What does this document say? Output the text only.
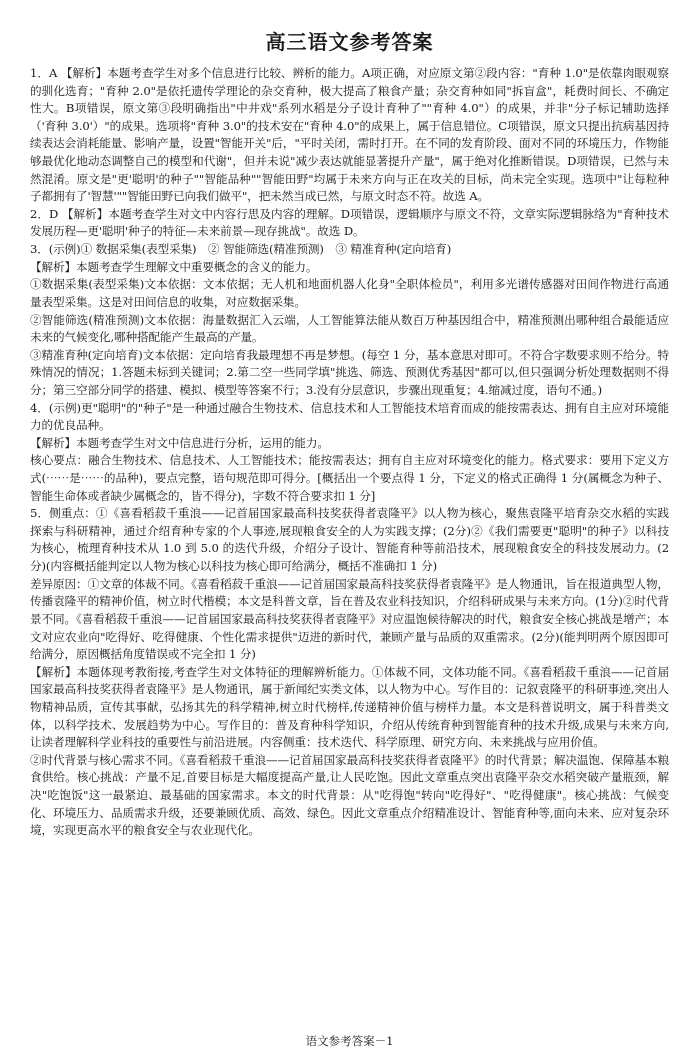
高三语文参考答案

1．A 【解析】本题考查学生对多个信息进行比较、辨析的能力。A项正确，对应原文第②段内容："育种 1.0"是依靠肉眼观察的驯化选育；"育种 2.0"是依托遗传学理论的杂交育种，极大提高了粮食产量；杂交育种如同"拆盲盒"，耗费时间长、不确定性大。B项错误，原文第③段明确指出"中井戏"系列水稻是分子设计育种了""育种 4.0"）的成果，并非"分子标记辅助选择（'育种 3.0'）"的成果。选项将"育种 3.0"的技术安在"育种 4.0"的成果上，属于信息错位。C项错误，原文只提出抗病基因持续表达会消耗能量、影响产量，设置"智能开关"后，"平时关闭，需时打开。在不同的发育阶段、面对不同的环境压力，作物能够最优化地动态调整自己的模型和代谢"，但并未说"减少表达就能显著提升产量"，属于绝对化推断错误。D项错误，已然与未然混淆。原文是"更'聪明'的种子""智能品种""智能田野"均属于未来方向与正在攻关的目标，尚未完全实现。选项中"让每粒种子都拥有了'智慧'""智能田野已向我们做平"，把未然当成已然，与原文时态不符。故选 A。

2．D 【解析】本题考查学生对文中内容行思及内容的理解。D项错误，逻辑顺序与原文不符，文章实际逻辑脉络为"育种技术发展历程—更'聪明'种子的特征—未来前景—现存挑战"。故选 D。

3．(示例)① 数据采集(表型采集)　② 智能筛选(精准预测)　③ 精准育种(定向培育)

【解析】本题考查学生理解文中重要概念的含义的能力。

①数据采集(表型采集)文本依据：文本依据；无人机和地面机器人化身"全职体检员"，利用多光谱传感器对田间作物进行高通量表型采集。这是对田间信息的收集，对应数据采集。

②智能筛选(精准预测)文本依据：海量数据汇入云端，人工智能算法能从数百万种基因组合中，精准预测出哪种组合最能适应未来的气候变化,哪种搭配能产生最高的产量。

③精准育种(定向培育)文本依据：定向培育我最理想不再是梦想。(每空 1 分，基本意思对即可。不符合字数要求则不给分。特殊情况的情况；1.答题未标到关键词；2.第二空一些同学填"挑选、筛选、预测优秀基因"都可以,但只强调分析处理数据则不得分；第三空部分同学的搭建、模拟、模型等答案不行；3.没有分层意识，步骤出现重复；4.缩减过度，语句不通。)

4．(示例)更"聪明"的"种子"是一种通过融合生物技术、信息技术和人工智能技术培育而成的能按需表达、拥有自主应对环境能力的优良品种。

【解析】本题考查学生对文中信息进行分析，运用的能力。

核心要点：融合生物技术、信息技术、人工智能技术；能按需表达；拥有自主应对环境变化的能力。格式要求：要用下定义方式(⋯⋯是⋯⋯的品种)，要点完整，语句规范即可得分。[概括出一个要点得 1 分，下定义的格式正确得 1 分(属概念为种子、智能生命体或者缺少属概念的，皆不得分)，字数不符合要求扣 1 分]

5．侧重点：①《喜看稻菽千重浪——记首届国家最高科技奖获得者袁隆平》以人物为核心，聚焦袁隆平培育杂交水稻的实践探索与科研精神，通过介绍育种专家的个人事迹,展现粮食安全的人为实践支撑；(2分)②《我们需要更"聪明"的种子》以科技为核心，梳理育种技术从 1.0 到 5.0 的迭代升级，介绍分子设计、智能育种等前沿技术，展现粮食安全的科技发展动力。(2分)(内容概括能判定以人物为核心以科技为核心即可给满分，概括不准确扣 1 分)

差异原因：①文章的体裁不同。《喜看稻菽千重浪——记首届国家最高科技奖获得者袁隆平》是人物通讯，旨在报道典型人物，传播袁隆平的精神价值，树立时代楷模；本文是科普文章，旨在普及农业科技知识，介绍科研成果与未来方向。(1分)②时代背景不同。《喜看稻菽千重浪——记首届国家最高科技奖获得者袁隆平》对应温饱候待解决的时代，粮食安全核心挑战是增产；本文对应农业向"吃得好、吃得健康、个性化需求提供"迈进的新时代，兼顾产量与品质的双重需求。(2分)(能判明两个原因即可给满分，原因概括角度错误或不完全扣 1 分)

【解析】本题体现考教衔接,考查学生对文体特征的理解辨析能力。①体裁不同，文体功能不同。《喜看稻菽千重浪——记首届国家最高科技奖获得者袁隆平》是人物通讯，属于新闻纪实类文体，以人物为中心。写作目的：记叙袁隆平的科研事迹,突出人物精神品质，宣传其事献，弘扬其先的科学精神,树立时代榜样,传递精神价值与榜样力量。本文是科普说明文，属于科普类文体，以科学技术、发展趋势为中心。写作目的：普及育种科学知识，介绍从传统育种到智能育种的技术升级,成果与未来方向,让读者理解科学业科技的重要性与前沿进展。内容侧重：技术迭代、科学原理、研究方向、未来挑战与应用价值。

②时代背景与核心需求不同。《喜看稻菽千重浪——记首届国家最高科技奖获得者袁隆平》的时代背景；解决温饱、保障基本粮食供给。核心挑战：产量不足,首要目标是大幅度提高产量,让人民吃饱。因此文章重点突出袁隆平杂交水稻突破产量瓶颈，解决"吃饱饭"这一最紧迫、最基础的国家需求。本文的时代背景：从"吃得饱"转向"吃得好"、"吃得健康"。核心挑战：气候变化、环境压力、品质需求升级，还要兼顾优质、高效、绿色。因此文章重点介绍精准设计、智能育种等,面向未来、应对复杂环境，实现更高水平的粮食安全与农业现代化。

语文参考答案－1
